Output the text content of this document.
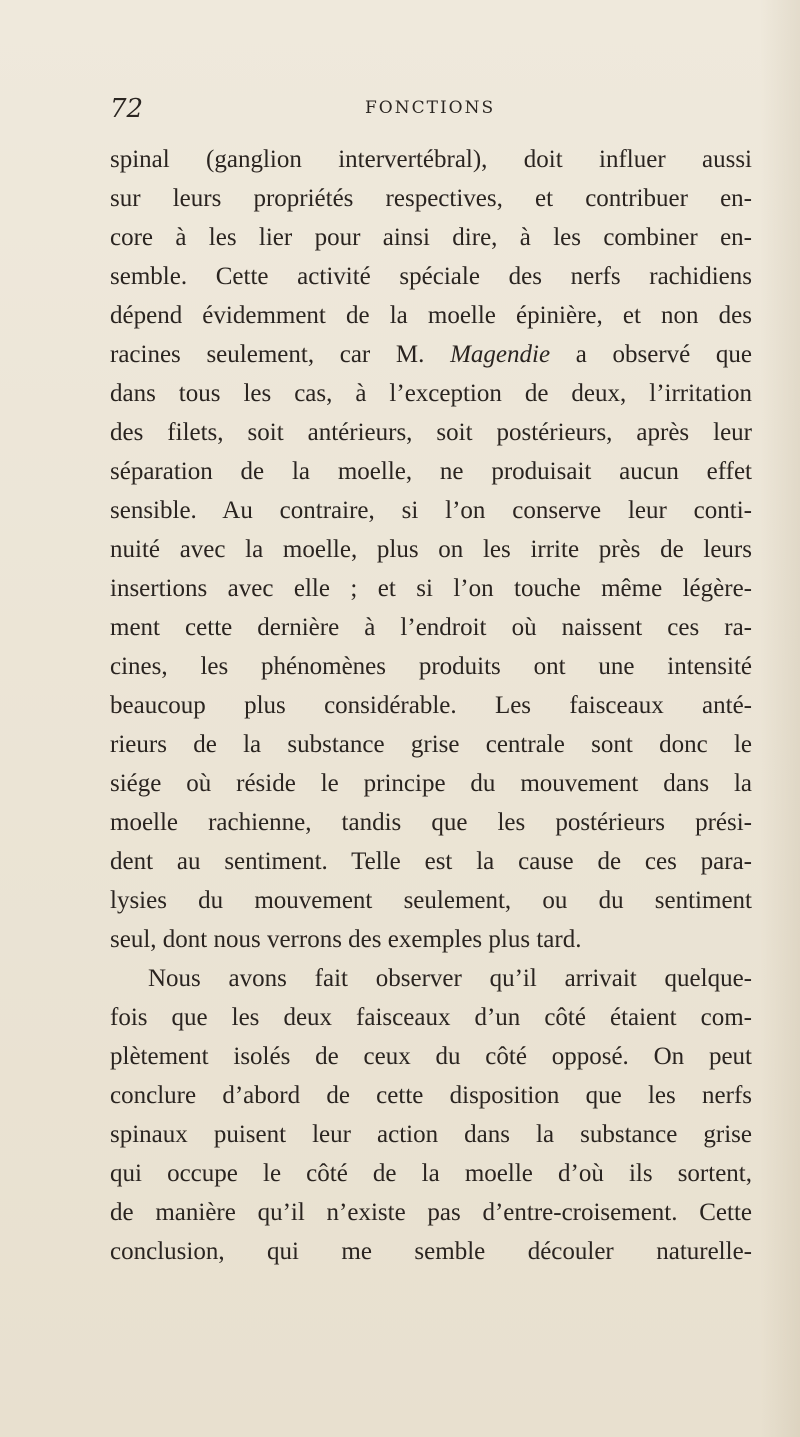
72	FONCTIONS
spinal (ganglion intervertébral), doit influer aussi
sur leurs propriétés respectives, et contribuer en-
core à les lier pour ainsi dire, à les combiner en-
semble. Cette activité spéciale des nerfs rachidiens
dépend évidemment de la moelle épinière, et non des
racines seulement, car M. Magendie a observé que
dans tous les cas, à l’exception de deux, l’irritation
des filets, soit antérieurs, soit postérieurs, après leur
séparation de la moelle, ne produisait aucun effet
sensible. Au contraire, si l’on conserve leur conti-
nuité avec la moelle, plus on les irrite près de leurs
insertions avec elle ; et si l’on touche même légère-
ment cette dernière à l’endroit où naissent ces ra-
cines, les phénomènes produits ont une intensité
beaucoup plus considérable. Les faisceaux anté-
rieurs de la substance grise centrale sont donc le
siége où réside le principe du mouvement dans la
moelle rachienne, tandis que les postérieurs prési-
dent au sentiment. Telle est la cause de ces para-
lysies du mouvement seulement, ou du sentiment
seul, dont nous verrons des exemples plus tard.
Nous avons fait observer qu’il arrivait quelque-
fois que les deux faisceaux d’un côté étaient com-
plètement isolés de ceux du côté opposé. On peut
conclure d’abord de cette disposition que les nerfs
spinaux puisent leur action dans la substance grise
qui occupe le côté de la moelle d’où ils sortent,
de manière qu’il n’existe pas d’entre-croisement. Cette
conclusion, qui me semble découler naturelle-
